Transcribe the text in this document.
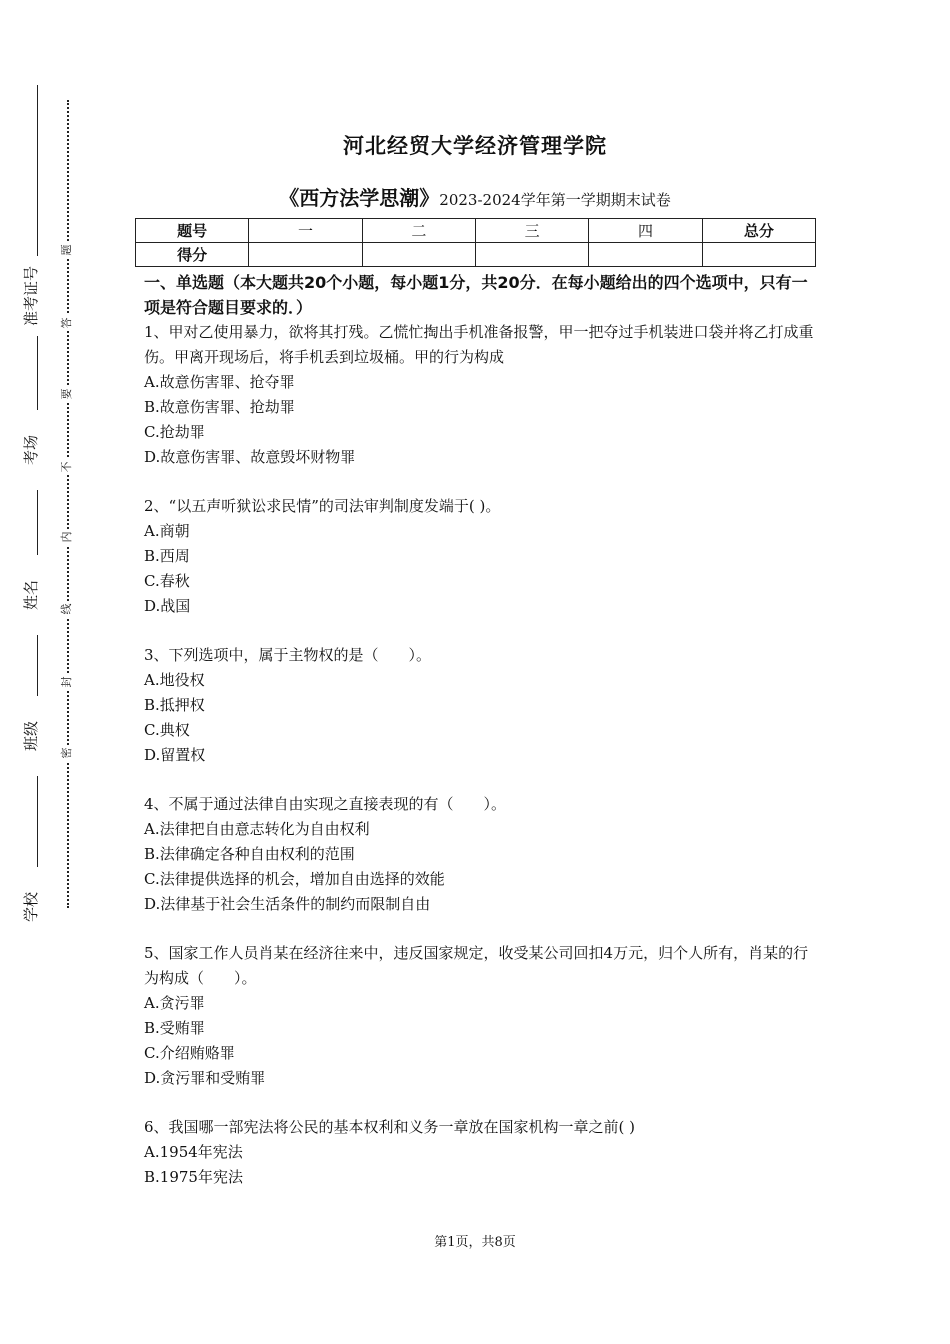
准考证号
考场
姓名
班级
学校
题
答
要
不
内
线
封
密
河北经贸大学经济管理学院
《西方法学思潮》2023-2024学年第一学期期末试卷
题号	一	二	三	四	总分
得分					

一、单选题（本大题共20个小题，每小题1分，共20分．在每小题给出的四个选项中，只有一项是符合题目要求的．）

1、甲对乙使用暴力，欲将其打残。乙慌忙掏出手机准备报警，甲一把夺过手机装进口袋并将乙打成重伤。甲离开现场后，将手机丢到垃圾桶。甲的行为构成

A.故意伤害罪、抢夺罪

B.故意伤害罪、抢劫罪

C.抢劫罪

D.故意伤害罪、故意毁坏财物罪

2、“以五声听狱讼求民情”的司法审判制度发端于( )。

A.商朝

B.西周

C.春秋

D.战国

3、下列选项中，属于主物权的是（　　）。

A.地役权

B.抵押权

C.典权

D.留置权

4、不属于通过法律自由实现之直接表现的有（　　）。

A.法律把自由意志转化为自由权利

B.法律确定各种自由权利的范围

C.法律提供选择的机会，增加自由选择的效能

D.法律基于社会生活条件的制约而限制自由

5、国家工作人员肖某在经济往来中，违反国家规定，收受某公司回扣4万元，归个人所有，肖某的行为构成（　　）。

A.贪污罪

B.受贿罪

C.介绍贿赂罪

D.贪污罪和受贿罪

6、我国哪一部宪法将公民的基本权利和义务一章放在国家机构一章之前( )

A.1954年宪法

B.1975年宪法

第1页，共8页
